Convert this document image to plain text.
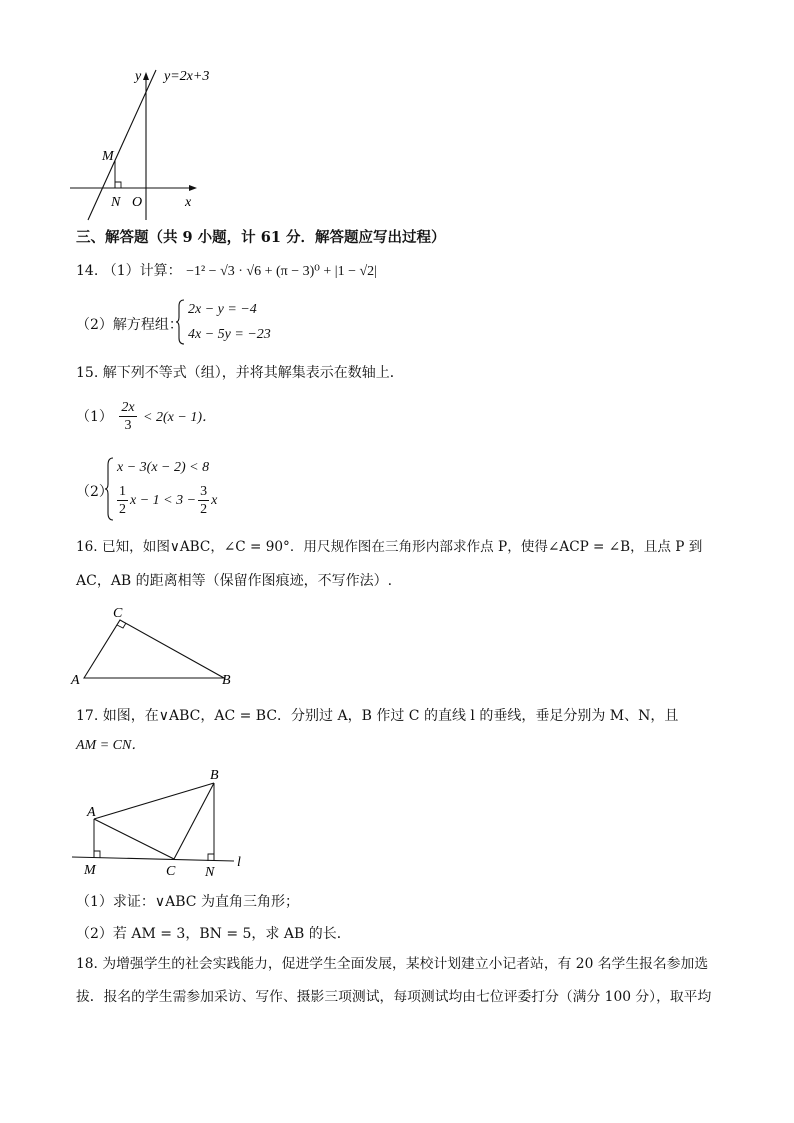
y y=2x+3
M
N O	x
三、解答题（共 9 小题，计 61 分．解答题应写出过程）
14. （1）计算： −1² − √3 · √6 + (π − 3)⁰ + |1 − √2|
（2）解方程组：
2x − y = −4
4x − 5y = −23
15. 解下列不等式（组），并将其解集表示在数轴上．
$(1) \frac{2x}{3} < 2(x - 1)$．
（2）
x − 3(x − 2) < 8
$\frac{1}{2}$ $x - 1 < 3 - \frac{3}{2}$ x
16. 已知，如图∨ABC，∠C = 90°．用尺规作图在三角形内部求作点 P，使得∠ACP = ∠B，且点 P 到
AC，AB 的距离相等（保留作图痕迹，不写作法）.
C
A	B
17. 如图，在∨ABC，AC = BC．分别过 A，B 作过 C 的直线 l 的垂线，垂足分别为 M、N，且
AM = CN．
B
A
M	C N
l
（1）求证：∨ABC 为直角三角形；
（2）若 AM = 3，BN = 5，求 AB 的长．
18. 为增强学生的社会实践能力，促进学生全面发展，某校计划建立小记者站，有 20 名学生报名参加选
拔．报名的学生需参加采访、写作、摄影三项测试，每项测试均由七位评委打分（满分 100 分），取平均
